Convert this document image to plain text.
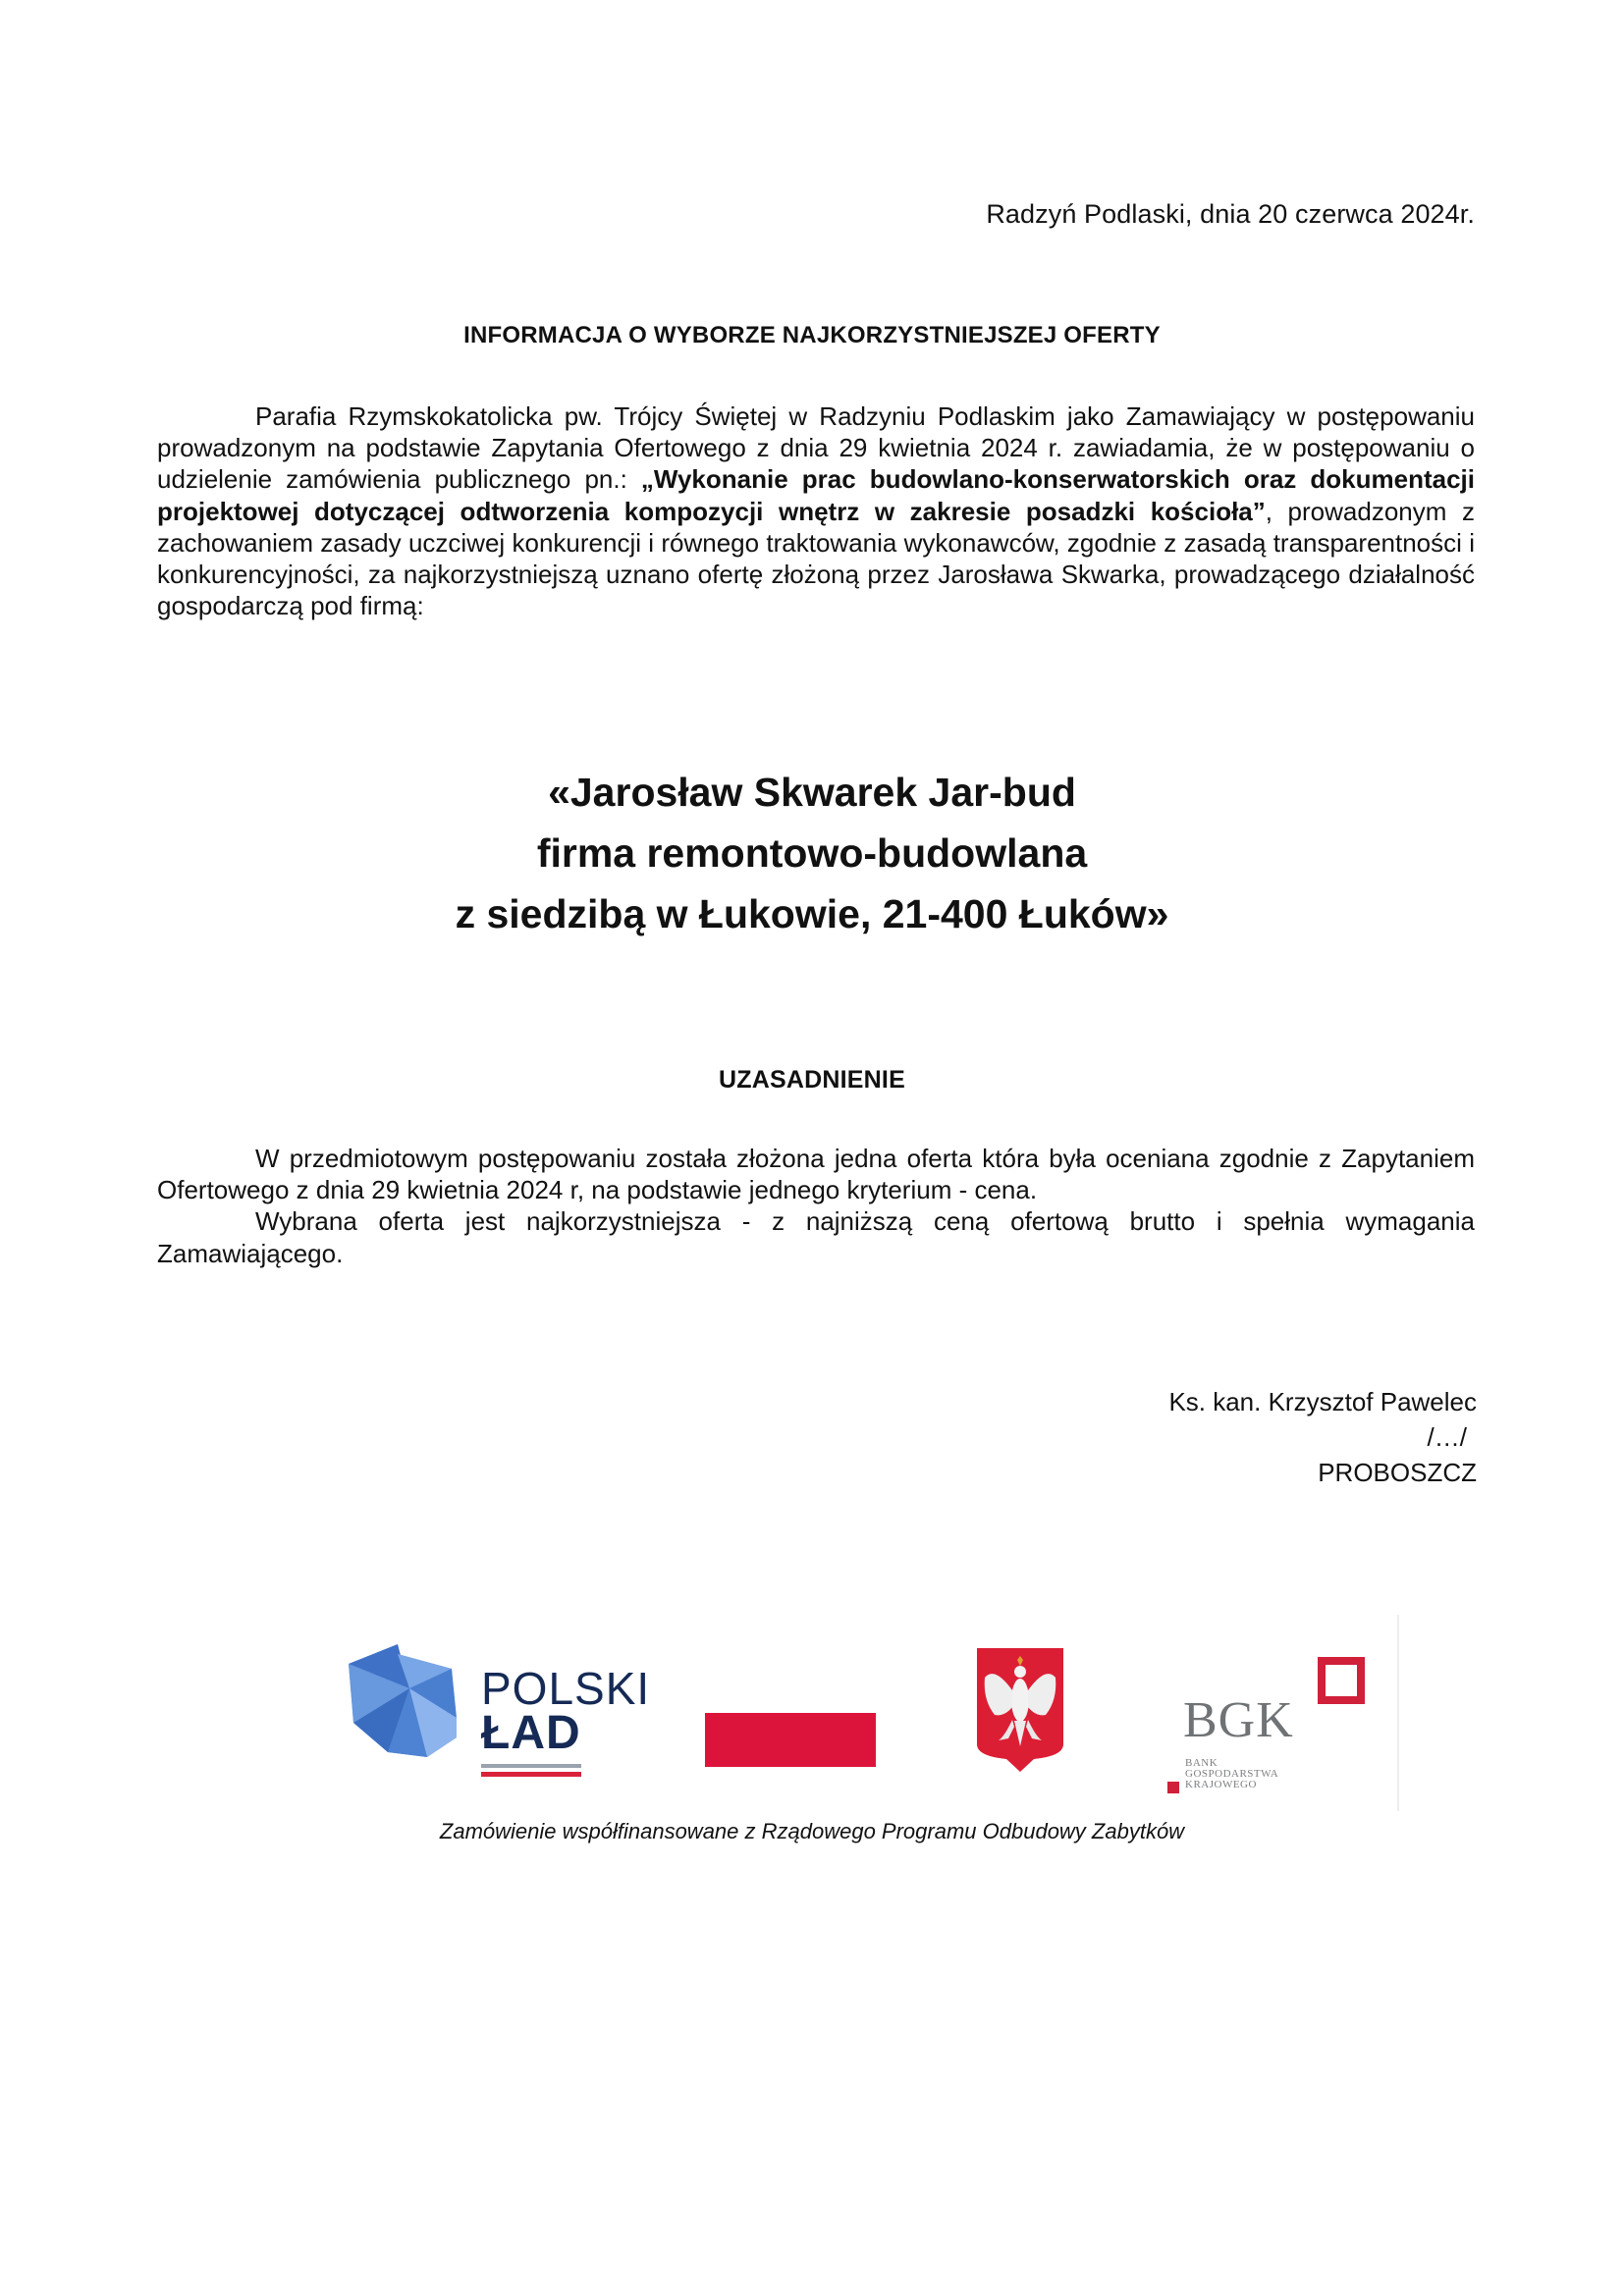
Radzyń Podlaski, dnia 20 czerwca 2024r.
INFORMACJA O WYBORZE NAJKORZYSTNIEJSZEJ OFERTY
Parafia Rzymskokatolicka pw. Trójcy Świętej w Radzyniu Podlaskim jako Zamawiający w postępowaniu prowadzonym na podstawie Zapytania Ofertowego z dnia 29 kwietnia 2024 r. zawiadamia, że w postępowaniu o udzielenie zamówienia publicznego pn.: „Wykonanie prac budowlano-konserwatorskich oraz dokumentacji projektowej dotyczącej odtworzenia kompozycji wnętrz w zakresie posadzki kościoła”, prowadzonym z zachowaniem zasady uczciwej konkurencji i równego traktowania wykonawców, zgodnie z zasadą transparentności i konkurencyjności, za najkorzystniejszą uznano ofertę złożoną przez Jarosława Skwarka, prowadzącego działalność gospodarczą pod firmą:
«Jarosław Skwarek Jar-bud
firma remontowo-budowlana
z siedzibą w Łukowie, 21-400 Łuków»
UZASADNIENIE
W przedmiotowym postępowaniu została złożona jedna oferta która była oceniana zgodnie z Zapytaniem Ofertowego z dnia 29 kwietnia 2024 r, na podstawie jednego kryterium - cena.
Wybrana oferta jest najkorzystniejsza - z najniższą ceną ofertową brutto i spełnia wymagania Zamawiającego.
Ks. kan. Krzysztof Pawelec
/…/
PROBOSZCZ
POLSKI
ŁAD	BGK
BANK GOSPODARSTWA
KRAJOWEGO
Zamówienie współfinansowane z Rządowego Programu Odbudowy Zabytków
